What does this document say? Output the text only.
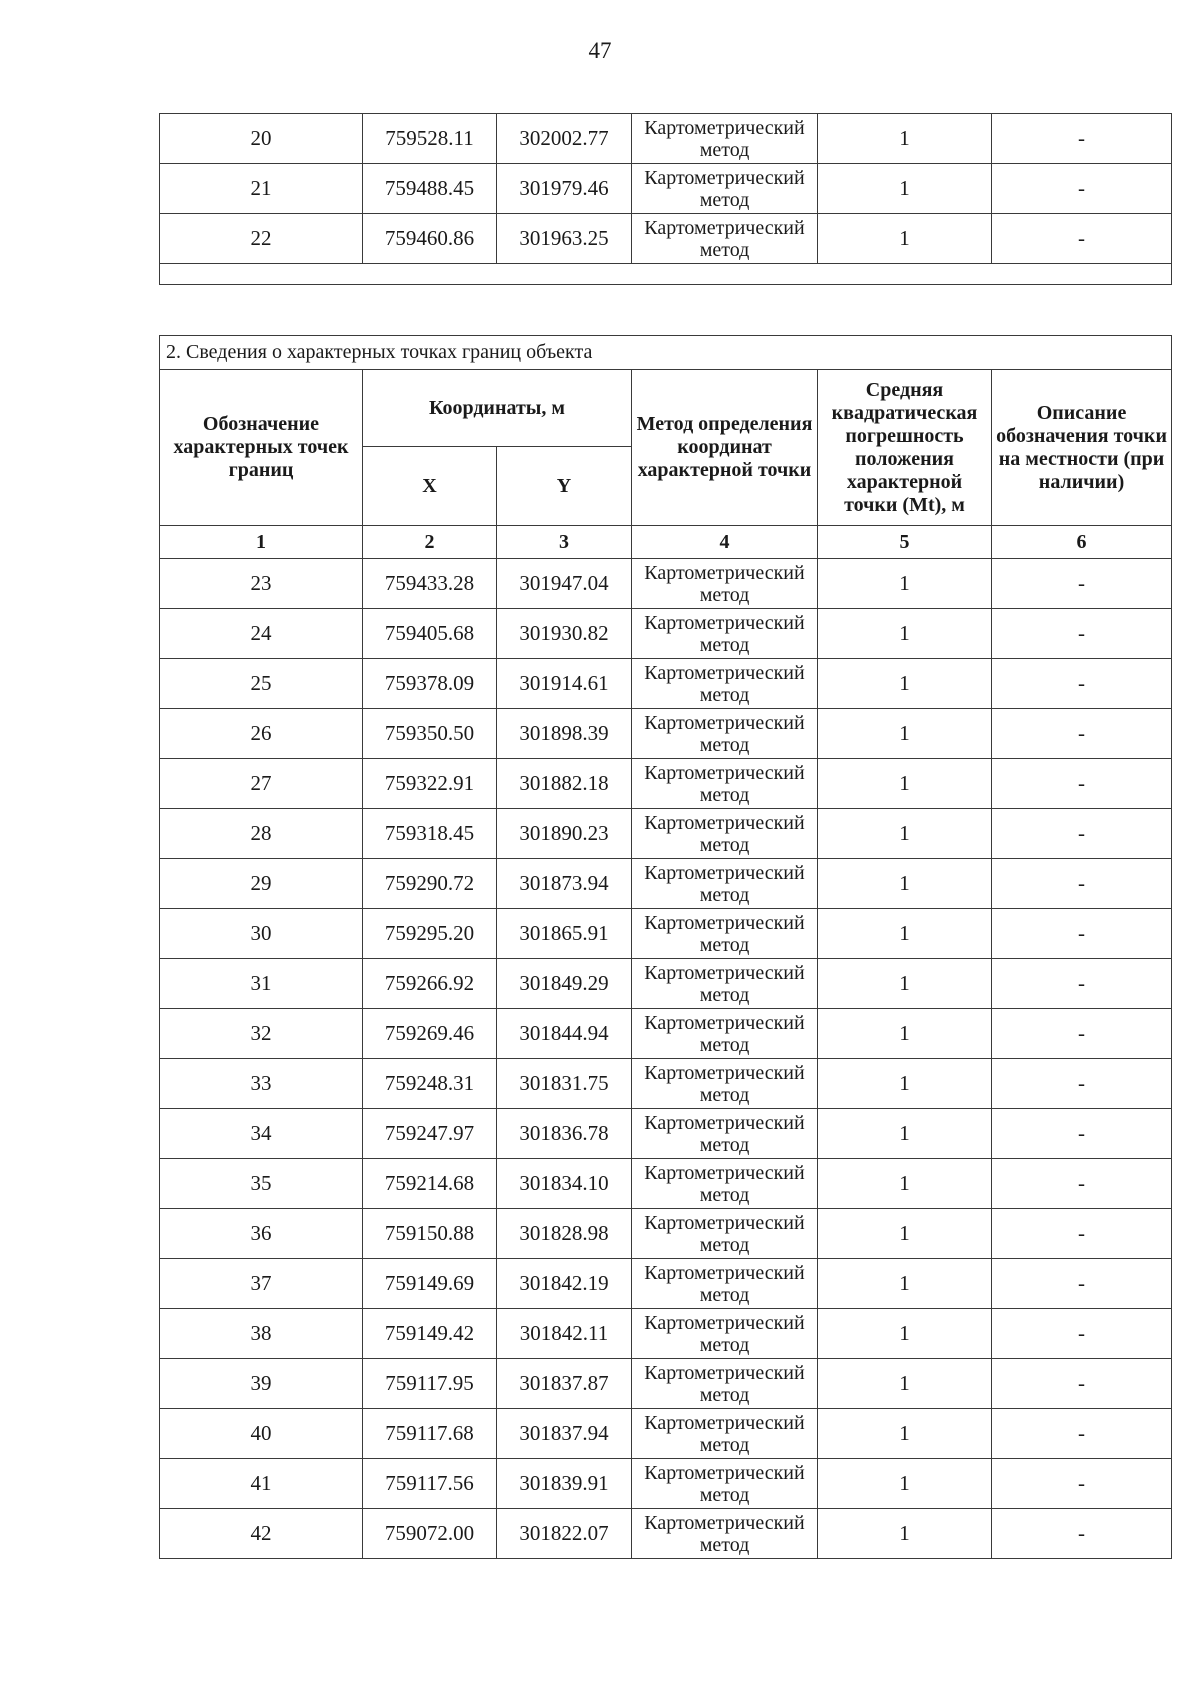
47
20	759528.11	302002.77	Картометрический метод	1	-
21	759488.45	301979.46	Картометрический метод	1	-
22	759460.86	301963.25	Картометрический метод	1	-

2. Сведения о характерных точках границ объекта					
Обозначение характерных точек границ	Координаты, м		Метод определения координат характерной точки	Средняя квадратическая погрешность положения характерной точки (Mt), м	Описание обозначения точки на местности (при наличии)
	X	Y			
1	2	3	4	5	6
23	759433.28	301947.04	Картометрический метод	1	-
24	759405.68	301930.82	Картометрический метод	1	-
25	759378.09	301914.61	Картометрический метод	1	-
26	759350.50	301898.39	Картометрический метод	1	-
27	759322.91	301882.18	Картометрический метод	1	-
28	759318.45	301890.23	Картометрический метод	1	-
29	759290.72	301873.94	Картометрический метод	1	-
30	759295.20	301865.91	Картометрический метод	1	-
31	759266.92	301849.29	Картометрический метод	1	-
32	759269.46	301844.94	Картометрический метод	1	-
33	759248.31	301831.75	Картометрический метод	1	-
34	759247.97	301836.78	Картометрический метод	1	-
35	759214.68	301834.10	Картометрический метод	1	-
36	759150.88	301828.98	Картометрический метод	1	-
37	759149.69	301842.19	Картометрический метод	1	-
38	759149.42	301842.11	Картометрический метод	1	-
39	759117.95	301837.87	Картометрический метод	1	-
40	759117.68	301837.94	Картометрический метод	1	-
41	759117.56	301839.91	Картометрический метод	1	-
42	759072.00	301822.07	Картометрический метод	1	-
